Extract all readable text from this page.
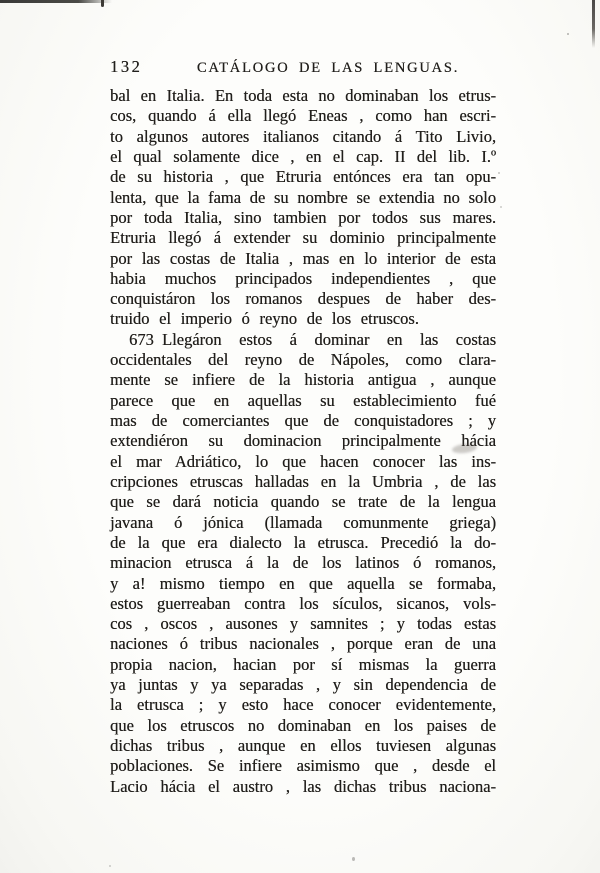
132	CATÁLOGO DE LAS LENGUAS.
bal en Italia. En toda esta no dominaban los etrus-
cos, quando á ella llegó Eneas , como han escri-
to algunos autores italianos citando á Tito Livio,
el qual solamente dice , en el cap. II del lib. I.º
de su historia , que Etruria entónces era tan opu-
lenta, que la fama de su nombre se extendia no solo
por toda Italia, sino tambien por todos sus mares.
Etruria llegó á extender su dominio principalmente
por las costas de Italia , mas en lo interior de esta
habia muchos principados independientes , que
conquistáron los romanos despues de haber des-
truido el imperio ó reyno de los etruscos.
673 Llegáron estos á dominar en las costas
occidentales del reyno de Nápoles, como clara-
mente se infiere de la historia antigua , aunque
parece que en aquellas su establecimiento fué
mas de comerciantes que de conquistadores ; y
extendiéron su dominacion principalmente hácia
el mar Adriático, lo que hacen conocer las ins-
cripciones etruscas halladas en la Umbria , de las
que se dará noticia quando se trate de la lengua
javana ó jónica (llamada comunmente griega)
de la que era dialecto la etrusca. Precedió la do-
minacion etrusca á la de los latinos ó romanos,
y a! mismo tiempo en que aquella se formaba,
estos guerreaban contra los sículos, sicanos, vols-
cos , oscos , ausones y samnites ; y todas estas
naciones ó tribus nacionales , porque eran de una
propia nacion, hacian por sí mismas la guerra
ya juntas y ya separadas , y sin dependencia de
la etrusca ; y esto hace conocer evidentemente,
que los etruscos no dominaban en los paises de
dichas tribus , aunque en ellos tuviesen algunas
poblaciones. Se infiere asimismo que , desde el
Lacio hácia el austro , las dichas tribus naciona-
